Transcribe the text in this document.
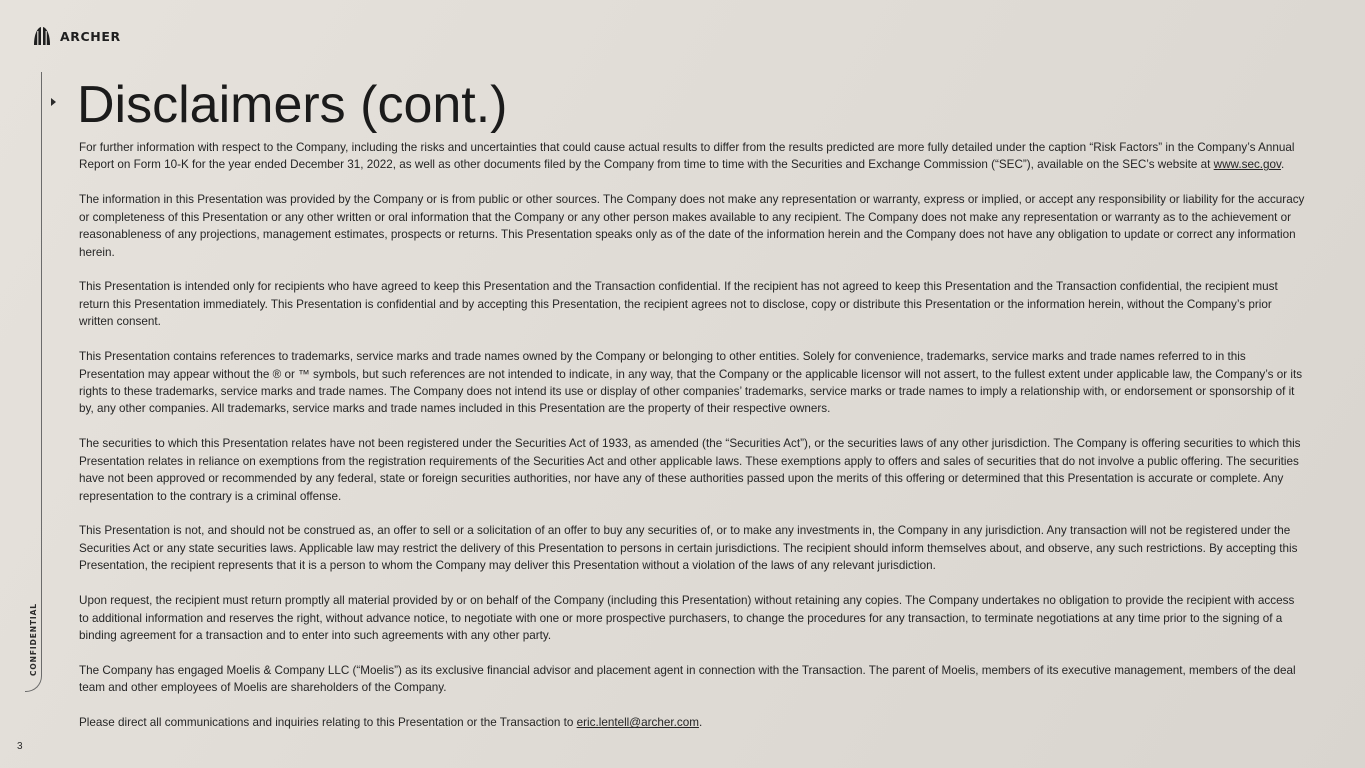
ARCHER
CONFIDENTIAL
3
Disclaimers (cont.)

For further information with respect to the Company, including the risks and uncertainties that could cause actual results to differ from the results predicted are more fully detailed under the caption “Risk Factors” in the Company’s Annual Report on Form 10-K for the year ended December 31, 2022, as well as other documents filed by the Company from time to time with the Securities and Exchange Commission (“SEC”), available on the SEC’s website at www.sec.gov.

The information in this Presentation was provided by the Company or is from public or other sources. The Company does not make any representation or warranty, express or implied, or accept any responsibility or liability for the accuracy or completeness of this Presentation or any other written or oral information that the Company or any other person makes available to any recipient. The Company does not make any representation or warranty as to the achievement or reasonableness of any projections, management estimates, prospects or returns. This Presentation speaks only as of the date of the information herein and the Company does not have any obligation to update or correct any information herein.

This Presentation is intended only for recipients who have agreed to keep this Presentation and the Transaction confidential. If the recipient has not agreed to keep this Presentation and the Transaction confidential, the recipient must return this Presentation immediately. This Presentation is confidential and by accepting this Presentation, the recipient agrees not to disclose, copy or distribute this Presentation or the information herein, without the Company’s prior written consent.

This Presentation contains references to trademarks, service marks and trade names owned by the Company or belonging to other entities. Solely for convenience, trademarks, service marks and trade names referred to in this Presentation may appear without the ® or ™ symbols, but such references are not intended to indicate, in any way, that the Company or the applicable licensor will not assert, to the fullest extent under applicable law, the Company’s or its rights to these trademarks, service marks and trade names. The Company does not intend its use or display of other companies’ trademarks, service marks or trade names to imply a relationship with, or endorsement or sponsorship of it by, any other companies. All trademarks, service marks and trade names included in this Presentation are the property of their respective owners.

The securities to which this Presentation relates have not been registered under the Securities Act of 1933, as amended (the “Securities Act”), or the securities laws of any other jurisdiction. The Company is offering securities to which this Presentation relates in reliance on exemptions from the registration requirements of the Securities Act and other applicable laws. These exemptions apply to offers and sales of securities that do not involve a public offering. The securities have not been approved or recommended by any federal, state or foreign securities authorities, nor have any of these authorities passed upon the merits of this offering or determined that this Presentation is accurate or complete. Any representation to the contrary is a criminal offense.

This Presentation is not, and should not be construed as, an offer to sell or a solicitation of an offer to buy any securities of, or to make any investments in, the Company in any jurisdiction. Any transaction will not be registered under the Securities Act or any state securities laws. Applicable law may restrict the delivery of this Presentation to persons in certain jurisdictions. The recipient should inform themselves about, and observe, any such restrictions. By accepting this Presentation, the recipient represents that it is a person to whom the Company may deliver this Presentation without a violation of the laws of any relevant jurisdiction.

Upon request, the recipient must return promptly all material provided by or on behalf of the Company (including this Presentation) without retaining any copies. The Company undertakes no obligation to provide the recipient with access to additional information and reserves the right, without advance notice, to negotiate with one or more prospective purchasers, to change the procedures for any transaction, to terminate negotiations at any time prior to the signing of a binding agreement for a transaction and to enter into such agreements with any other party.

The Company has engaged Moelis & Company LLC (“Moelis”) as its exclusive financial advisor and placement agent in connection with the Transaction. The parent of Moelis, members of its executive management, members of the deal team and other employees of Moelis are shareholders of the Company.

Please direct all communications and inquiries relating to this Presentation or the Transaction to eric.lentell@archer.com.
